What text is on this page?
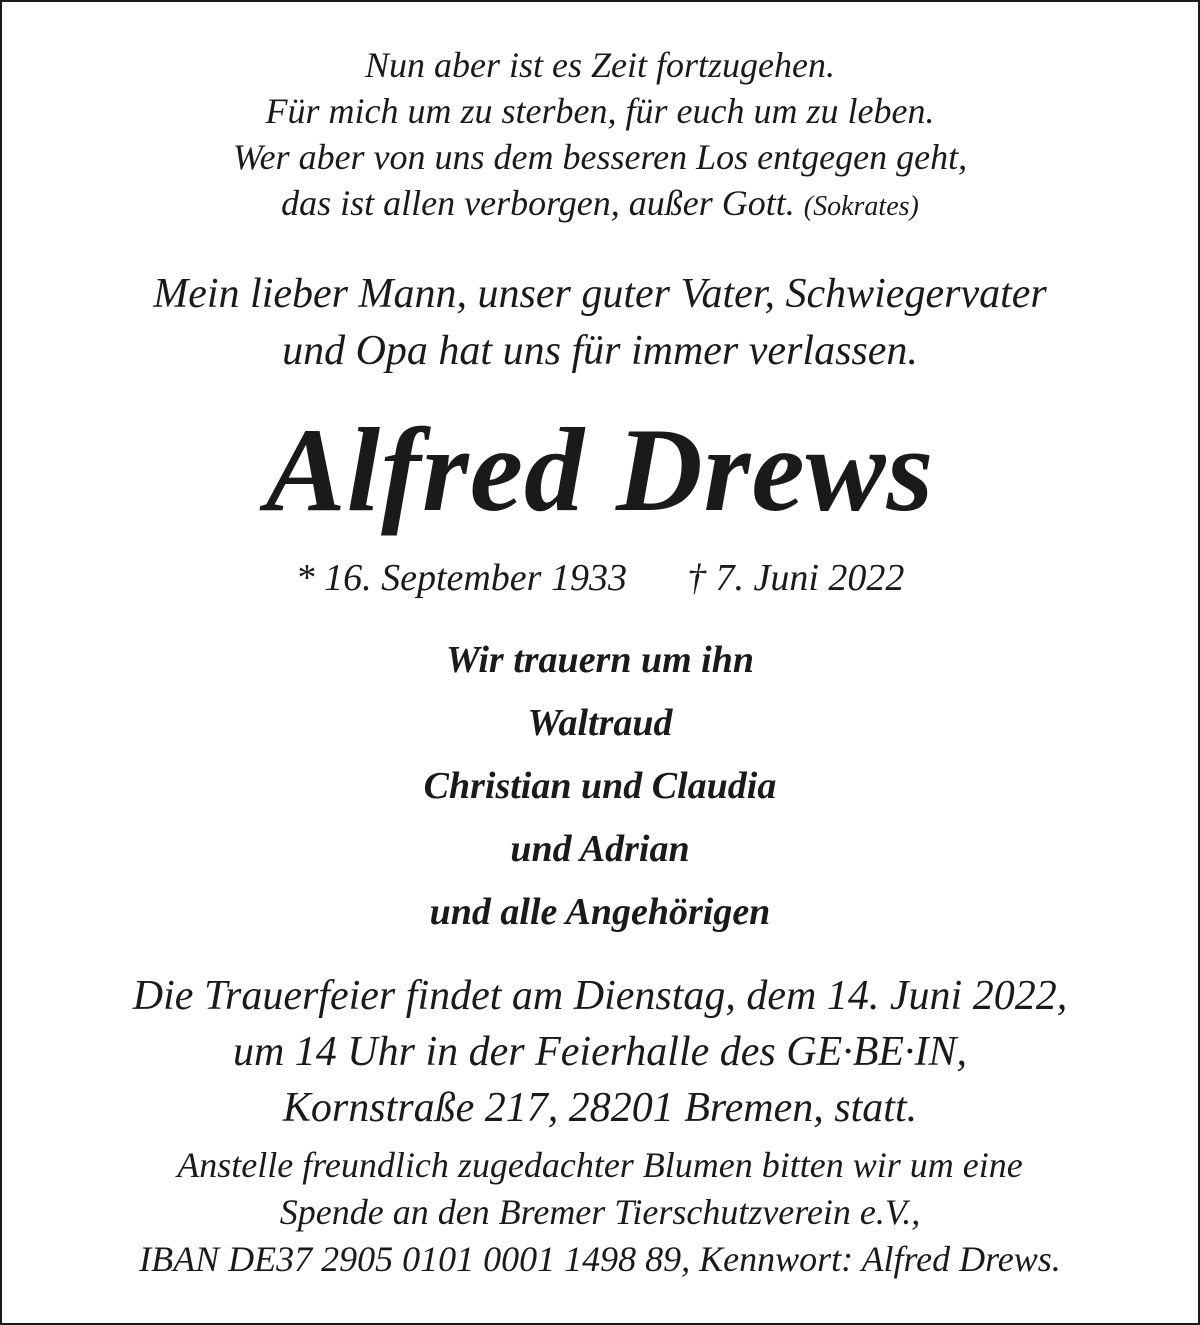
Nun aber ist es Zeit fortzugehen.
Für mich um zu sterben, für euch um zu leben.
Wer aber von uns dem besseren Los entgegen geht,
das ist allen verborgen, außer Gott. (Sokrates)
Mein lieber Mann, unser guter Vater, Schwiegervater
und Opa hat uns für immer verlassen.
Alfred Drews
* 16. September 1933 † 7. Juni 2022
Wir trauern um ihn
Waltraud
Christian und Claudia
und Adrian
und alle Angehörigen
Die Trauerfeier findet am Dienstag, dem 14. Juni 2022,
um 14 Uhr in der Feierhalle des GE·BE·IN,
Kornstraße 217, 28201 Bremen, statt.
Anstelle freundlich zugedachter Blumen bitten wir um eine
Spende an den Bremer Tierschutzverein e.V.,
IBAN DE37 2905 0101 0001 1498 89, Kennwort: Alfred Drews.
